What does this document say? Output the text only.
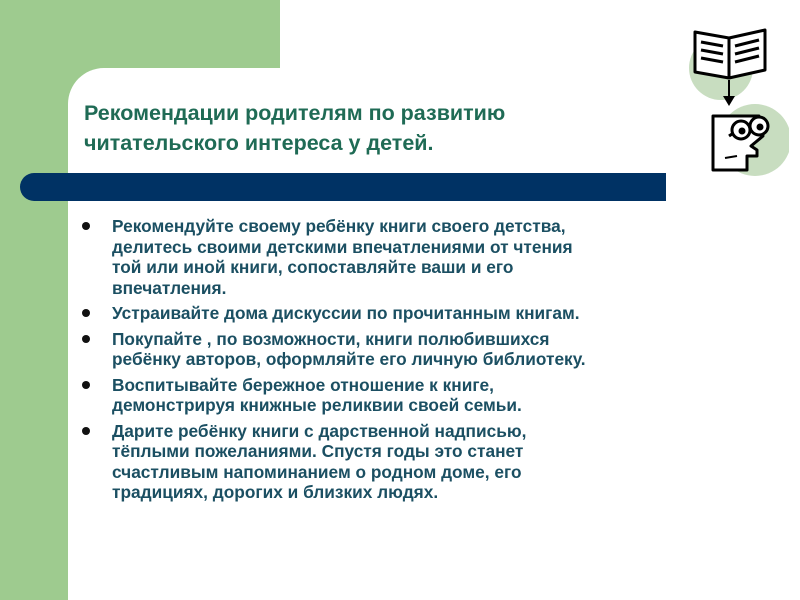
Рекомендации родителям по развитию
читательского интереса у детей.
Рекомендуйте своему ребёнку книги своего детства,
делитесь своими детскими впечатлениями от чтения
той или иной книги, сопоставляйте ваши и его
впечатления.
Устраивайте дома дискуссии по прочитанным книгам.
Покупайте , по возможности, книги полюбившихся
ребёнку авторов, оформляйте его личную библиотеку.
Воспитывайте бережное отношение к книге,
демонстрируя книжные реликвии своей семьи.
Дарите ребёнку книги с дарственной надписью,
тёплыми пожеланиями. Спустя годы это станет
счастливым напоминанием о родном доме, его
традициях, дорогих и близких людях.
